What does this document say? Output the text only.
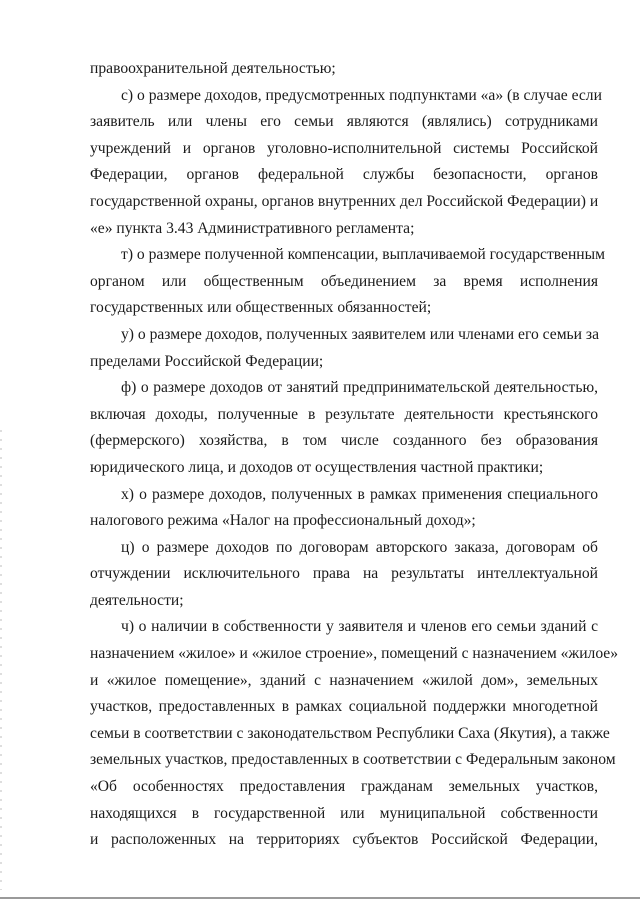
правоохранительной деятельностью;
с) о размере доходов, предусмотренных подпунктами «а» (в случае если
заявитель или члены его семьи являются (являлись) сотрудниками
учреждений и органов уголовно-исполнительной системы Российской
Федерации, органов федеральной службы безопасности, органов
государственной охраны, органов внутренних дел Российской Федерации) и
«е» пункта 3.43 Административного регламента;
т) о размере полученной компенсации, выплачиваемой государственным
органом или общественным объединением за время исполнения
государственных или общественных обязанностей;
у) о размере доходов, полученных заявителем или членами его семьи за
пределами Российской Федерации;
ф) о размере доходов от занятий предпринимательской деятельностью,
включая доходы, полученные в результате деятельности крестьянского
(фермерского) хозяйства, в том числе созданного без образования
юридического лица, и доходов от осуществления частной практики;
х) о размере доходов, полученных в рамках применения специального
налогового режима «Налог на профессиональный доход»;
ц) о размере доходов по договорам авторского заказа, договорам об
отчуждении исключительного права на результаты интеллектуальной
деятельности;
ч) о наличии в собственности у заявителя и членов его семьи зданий с
назначением «жилое» и «жилое строение», помещений с назначением «жилое»
и «жилое помещение», зданий с назначением «жилой дом», земельных
участков, предоставленных в рамках социальной поддержки многодетной
семьи в соответствии с законодательством Республики Саха (Якутия), а также
земельных участков, предоставленных в соответствии с Федеральным законом
«Об особенностях предоставления гражданам земельных участков,
находящихся в государственной или муниципальной собственности
и расположенных на территориях субъектов Российской Федерации,
